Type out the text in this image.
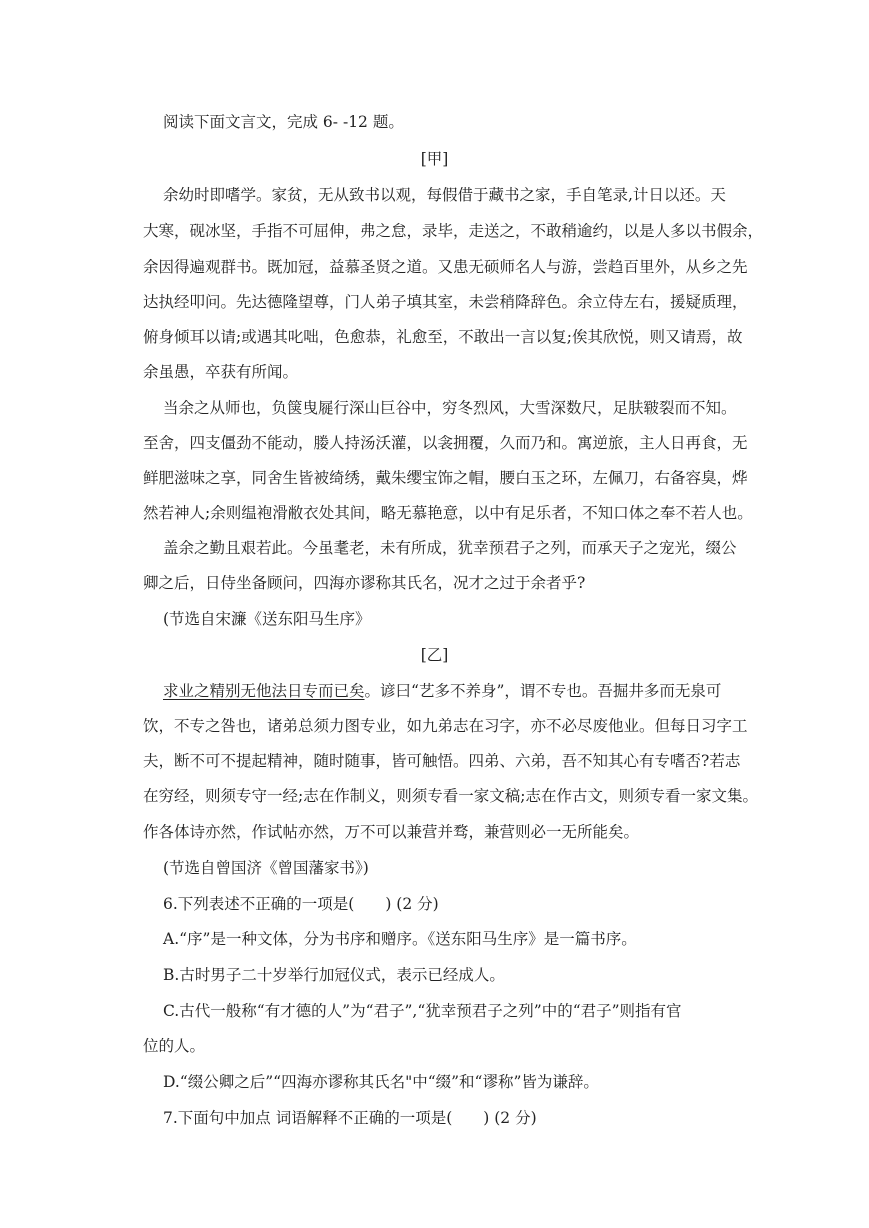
阅读下面文言文，完成 6- -12 题。
[甲]
余幼时即嗜学。家贫，无从致书以观，每假借于藏书之家，手自笔录,计日以还。天
大寒，砚冰坚，手指不可屈伸，弗之怠，录毕，走送之，不敢稍逾约，以是人多以书假余，
余因得遍观群书。既加冠，益慕圣贤之道。又患无硕师名人与游，尝趋百里外，从乡之先
达执经叩问。先达德隆望尊，门人弟子填其室，未尝稍降辞色。余立侍左右，援疑质理，
俯身倾耳以请;或遇其叱咄，色愈恭，礼愈至，不敢出一言以复;俟其欣悦，则又请焉，故
余虽愚，卒获有所闻。
当余之从师也，负箧曳屣行深山巨谷中，穷冬烈风，大雪深数尺，足肤皲裂而不知。
至舍，四支僵劲不能动，媵人持汤沃灌，以衾拥覆，久而乃和。寓逆旅，主人日再食，无
鲜肥滋味之享，同舍生皆被绮绣，戴朱缨宝饰之帽，腰白玉之环，左佩刀，右备容臭，烨
然若神人;余则缊袍滑敝衣处其间，略无慕艳意，以中有足乐者，不知口体之奉不若人也。
盖余之勤且艰若此。今虽耄老，未有所成，犹幸预君子之列，而承天子之宠光，缀公
卿之后，日侍坐备顾问，四海亦谬称其氏名，况才之过于余者乎?
(节选自宋濂《送东阳马生序》
[乙]
求业之精别无他法日专而已矣。谚曰“艺多不养身”，谓不专也。吾掘井多而无泉可
饮，不专之咎也，诸弟总须力图专业，如九弟志在习字，亦不必尽废他业。但每日习字工
夫，断不可不提起精神，随时随事，皆可触悟。四弟、六弟，吾不知其心有专嗜否?若志
在穷经，则须专守一经;志在作制义，则须专看一家文稿;志在作古文，则须专看一家文集。
作各体诗亦然，作试帖亦然，万不可以兼营并骛，兼营则必一无所能矣。
(节选自曾国济《曾国藩家书》)
6.下列表述不正确的一项是(　　) (2 分)
A.“序”是一种文体，分为书序和赠序。《送东阳马生序》是一篇书序。
B.古时男子二十岁举行加冠仪式，表示已经成人。
C.古代一般称“有才德的人”为“君子”,“犹幸预君子之列”中的“君子”则指有官
位的人。
D.“缀公卿之后”“四海亦谬称其氏名"中“缀”和“谬称”皆为谦辞。
7.下面句中加点 词语解释不正确的一项是(　　) (2 分)
